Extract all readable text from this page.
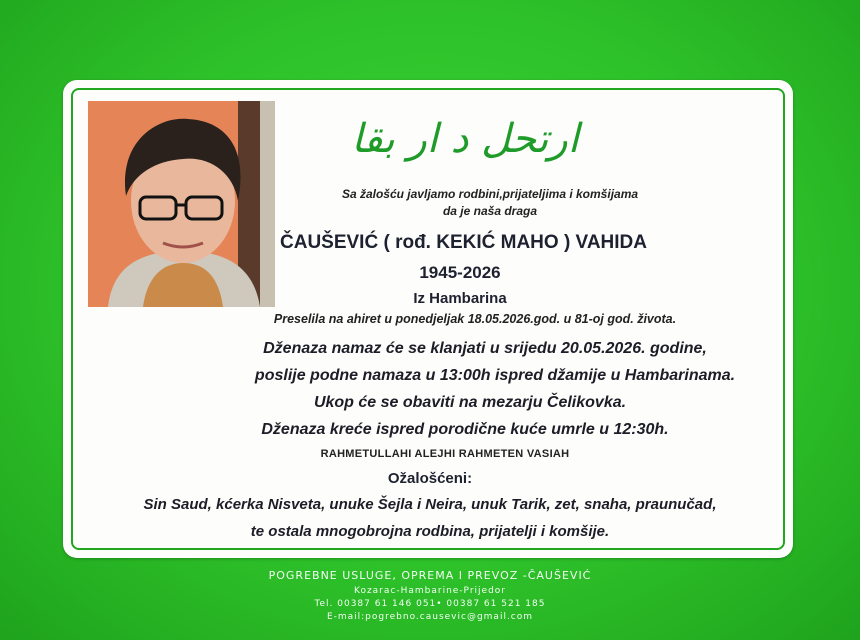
ارتحل د ار بقا
Sa žalošću javljamo rodbini,prijateljima i komšijama
da je naša draga
ČAUŠEVIĆ ( rođ. KEKIĆ MAHO ) VAHIDA
1945-2026
Iz Hambarina
Preselila na ahiret u ponedjeljak 18.05.2026.god. u 81-oj god. života.
Dženaza namaz će se klanjati u srijedu 20.05.2026. godine,
poslije podne namaza u 13:00h ispred džamije u Hambarinama.
Ukop će se obaviti na mezarju Čelikovka.
Dženaza kreće ispred porodične kuće umrle u 12:30h.
RAHMETULLAHI ALEJHI RAHMETEN VASIAH
Ožalošćeni:
Sin Saud, kćerka Nisveta, unuke Šejla i Neira, unuk Tarik, zet, snaha, praunučad,
te ostala mnogobrojna rodbina, prijatelji i komšije.
POGREBNE USLUGE, OPREMA I PREVOZ -ČAUŠEVIĆ
Kozarac-Hambarine-Prijedor
Tel. 00387 61 146 051• 00387 61 521 185
E-mail:pogrebno.causevic@gmail.com
